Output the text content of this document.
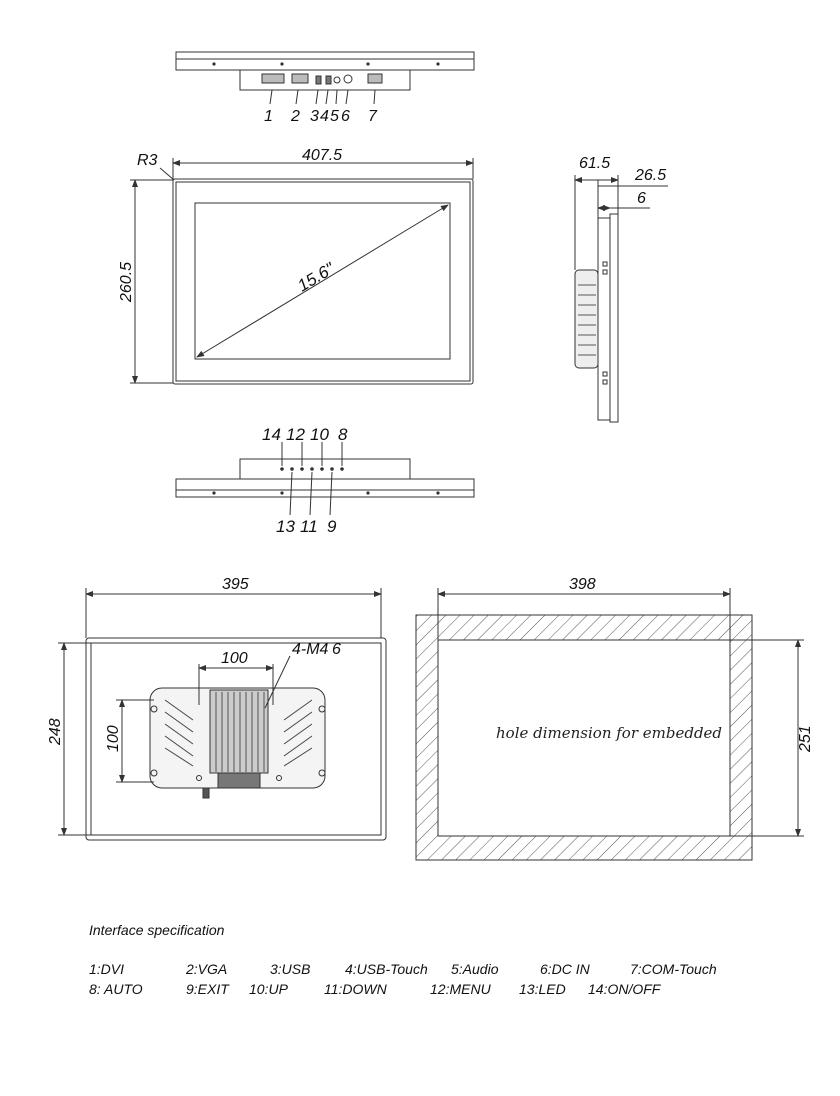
1 2 3 4 5 6 7
R3	407.5
260.5	15.6"
61.5
26.5
6
14 12 10 8
13 11 9
395
248
100
100
4-M4 6
398
251
hole dimension for embedded
Interface specification
1:DVI	2:VGA	3:USB 4:USB-Touch 5:Audio	6:DC IN	7:COM-Touch
8: AUTO	9:EXIT 10:UP	11:DOWN	12:MENU 13:LED 14:ON/OFF
